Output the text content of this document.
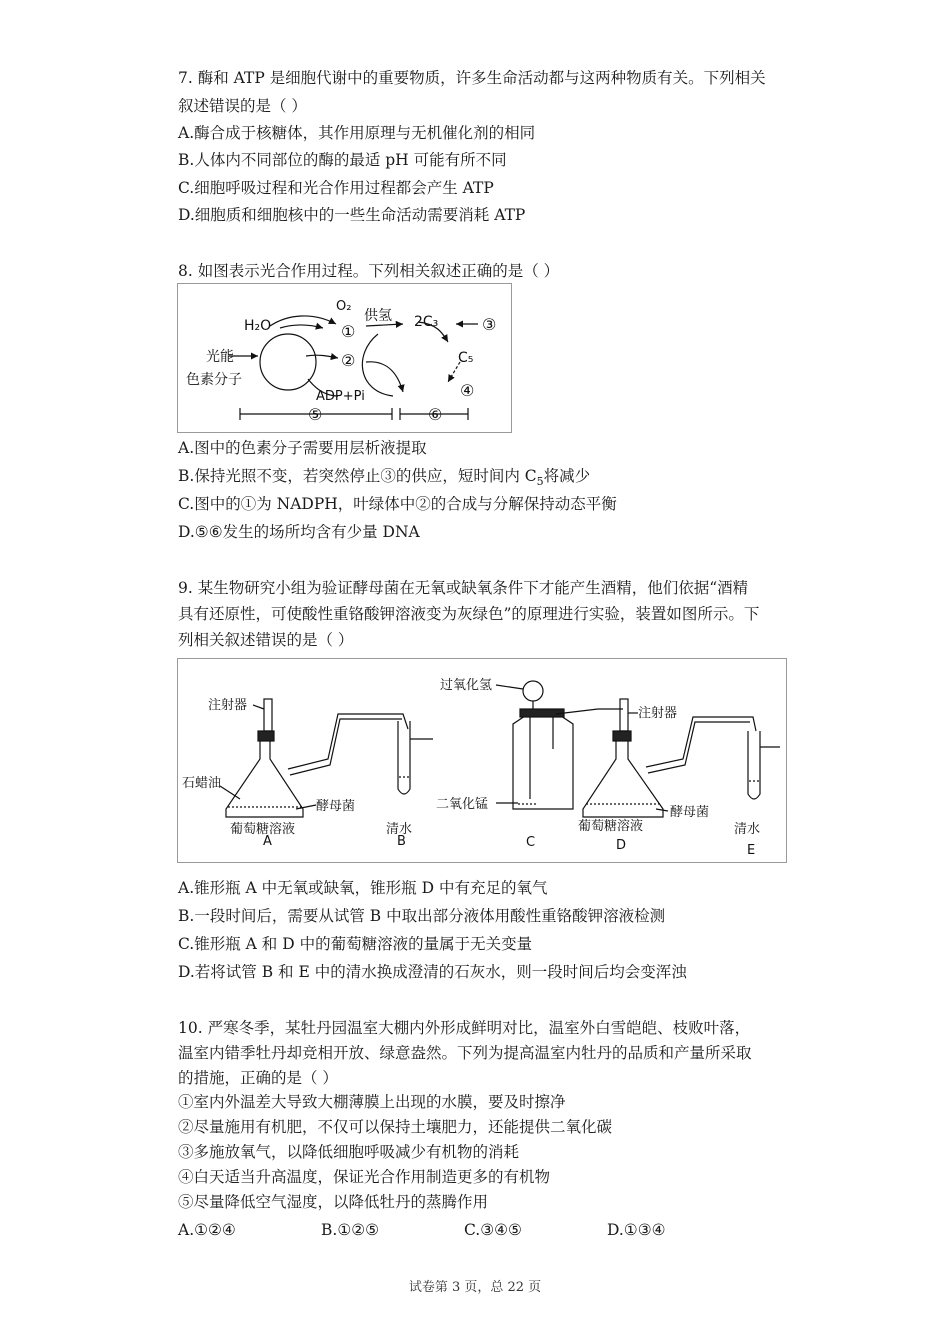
7. 酶和 ATP 是细胞代谢中的重要物质，许多生命活动都与这两种物质有关。下列相关
叙述错误的是（ ）
A.酶合成于核糖体，其作用原理与无机催化剂的相同
B.人体内不同部位的酶的最适 pH 可能有所不同
C.细胞呼吸过程和光合作用过程都会产生 ATP
D.细胞质和细胞核中的一些生命活动需要消耗 ATP
8. 如图表示光合作用过程。下列相关叙述正确的是（ ）
H₂O
O₂
①
供氢 2C₃	③
②	C₅
④
光能
色素分子
ADP+Pi
⑤	⑥
A.图中的色素分子需要用层析液提取
B.保持光照不变，若突然停止③的供应，短时间内 $C_5$将减少
C.图中的①为 NADPH，叶绿体中②的合成与分解保持动态平衡
D.⑤⑥发生的场所均含有少量 DNA
9. 某生物研究小组为验证酵母菌在无氧或缺氧条件下才能产生酒精，他们依据“酒精
具有还原性，可使酸性重铬酸钾溶液变为灰绿色”的原理进行实验，装置如图所示。下
列相关叙述错误的是（ ）
注射器
石蜡油
葡萄糖溶液
酵母菌
清水
A	B
过氧化氢
注射器
二氧化锰
C
葡萄糖溶液
酵母菌
清水
D	E
A.锥形瓶 A 中无氧或缺氧，锥形瓶 D 中有充足的氧气
B.一段时间后，需要从试管 B 中取出部分液体用酸性重铬酸钾溶液检测
C.锥形瓶 A 和 D 中的葡萄糖溶液的量属于无关变量
D.若将试管 B 和 E 中的清水换成澄清的石灰水，则一段时间后均会变浑浊
10. 严寒冬季，某牡丹园温室大棚内外形成鲜明对比，温室外白雪皑皑、枝败叶落，
温室内错季牡丹却竞相开放、绿意盎然。下列为提高温室内牡丹的品质和产量所采取
的措施，正确的是（ ）
①室内外温差大导致大棚薄膜上出现的水膜，要及时擦净
②尽量施用有机肥，不仅可以保持土壤肥力，还能提供二氧化碳
③多施放氧气，以降低细胞呼吸减少有机物的消耗
④白天适当升高温度，保证光合作用制造更多的有机物
⑤尽量降低空气湿度，以降低牡丹的蒸腾作用
A.①②④	B.①②⑤	C.③④⑤	D.①③④
试卷第 3 页，总 22 页
